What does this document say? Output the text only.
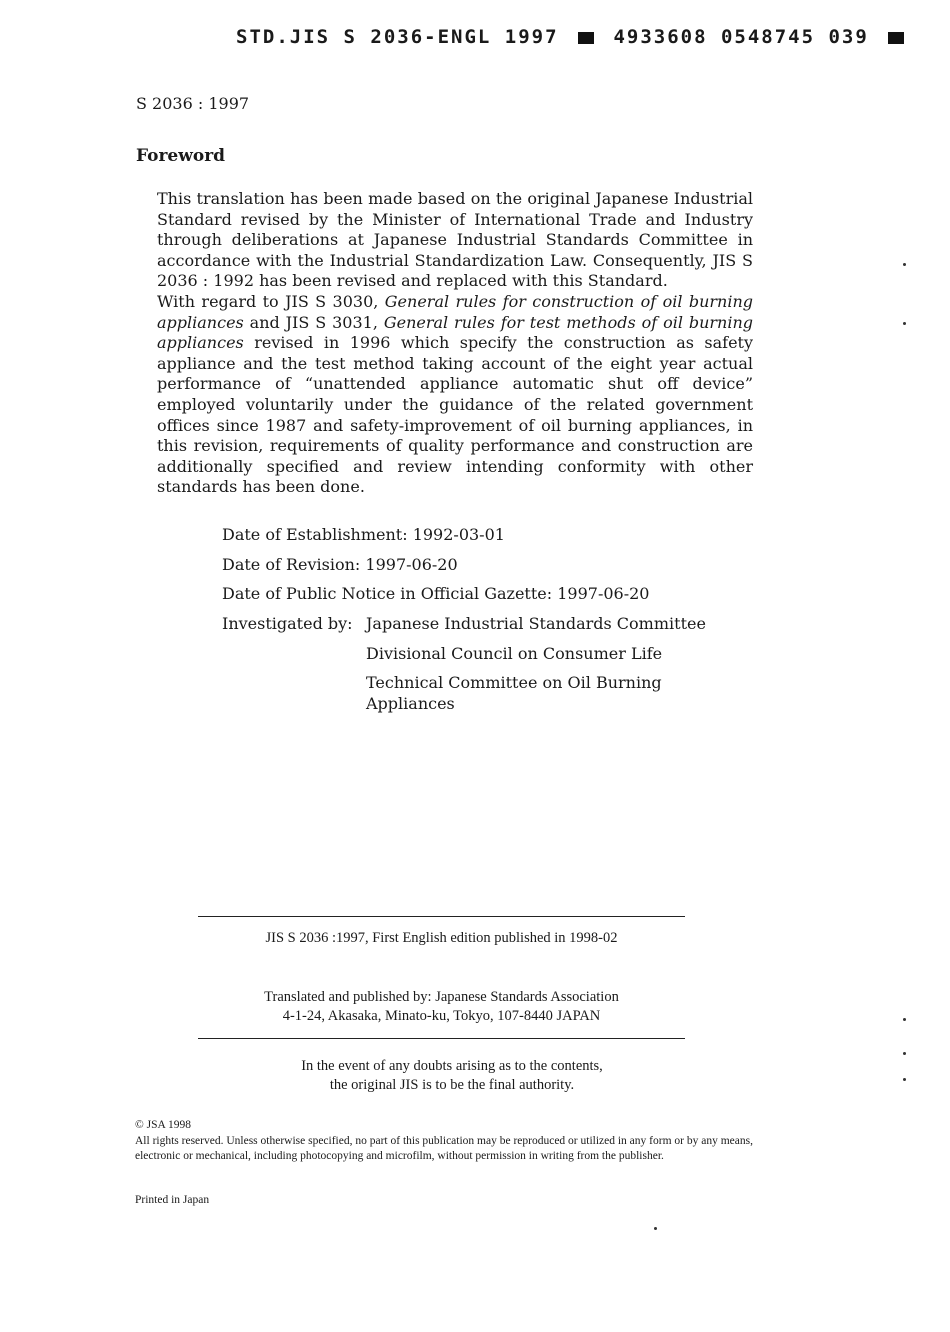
STD.JIS S 2036-ENGL 1997	4933608 0548745 039
S 2036 : 1997
Foreword

This translation has been made based on the original Japanese Industrial Standard revised by the Minister of International Trade and Industry through deliberations at Japanese Industrial Standards Committee in accordance with the Industrial Standardization Law. Consequently, JIS S 2036 : 1992 has been revised and replaced with this Standard.

With regard to JIS S 3030, General rules for construction of oil burning appliances and JIS S 3031, General rules for test methods of oil burning appliances revised in 1996 which specify the construction as safety appliance and the test method taking account of the eight year actual performance of “unattended appliance automatic shut off device” employed voluntarily under the guidance of the related government offices since 1987 and safety-improvement of oil burning appliances, in this revision, requirements of quality performance and construction are additionally specified and review intending conformity with other standards has been done.

Date of Establishment: 1992-03-01
Date of Revision: 1997-06-20
Date of Public Notice in Official Gazette: 1997-06-20
Investigated by: Japanese Industrial Standards Committee
Divisional Council on Consumer Life
Technical Committee on Oil Burning Appliances
JIS S 2036 :1997, First English edition published in 1998-02
Translated and published by: Japanese Standards Association
4-1-24, Akasaka, Minato-ku, Tokyo, 107-8440 JAPAN
In the event of any doubts arising as to the contents,
the original JIS is to be the final authority.
© JSA 1998
All rights reserved. Unless otherwise specified, no part of this publication may be reproduced or utilized in any form or by any means, electronic or mechanical, including photocopying and microfilm, without permission in writing from the publisher.
Printed in Japan
